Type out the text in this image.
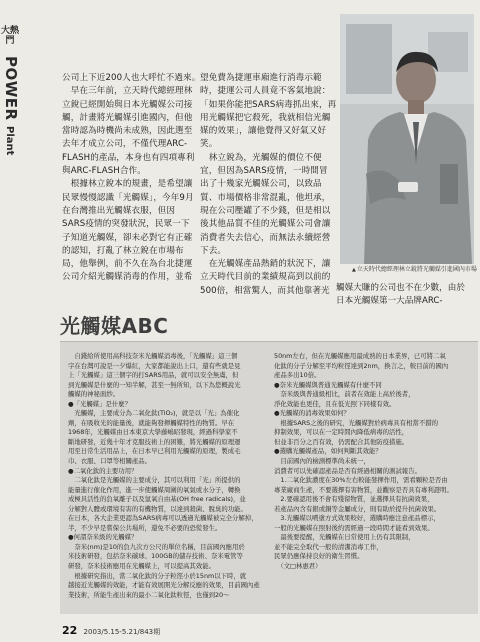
大熱門
POWER
Plant
公司上下近200人也大呼忙不過來。
　早在三年前，立天時代總經理林
立銳已經開始與日本光觸媒公司接
觸，計畫將光觸媒引進國內，但他
當時認為時機尚未成熟，因此選至
去年才成立公司，不僅代理ARC-
FLASH的產品，本身也有四項專利
與ARC-FLASH合作。
　根據林立銳本的規畫，是希望讓
民眾慢慢認識「光觸媒」，今年9月
在台灣推出光觸媒衣服，但因
SARS疫情的突發狀況，民眾一下
子知道光觸媒，卻未必對它有正確
的認知，打亂了林立銳在市場布
局，他舉例，前不久在為台北捷運
公司介紹光觸媒消毒的作用，並希
望免費為捷運車廂進行消毒示範
時，捷運公司人員竟不客氣地說：
「如果你能把SARS病毒抓出來，再
用光觸媒把它殺死，我就相信光觸
媒的效果」，讓他覺得又好氣又好
笑。
　林立銳為，光觸媒的價位不便
宜，但因為SARS疫情，一時間冒
出了十幾家光觸媒公司，以致品
質、市場價格非常混亂，他坦承，
現在公司壓罐了不少錢，但是相以
後其他品質不佳的光觸媒公司會讓
消費者失去信心，而無法永續經營
下去。
　在光觸媒產品熱銷的狀況下，讓
立天時代目前的業績規高到以前的
500倍，相當驚人，而其他靠著光
▲ 立天時代總經理林立銳將光觸媒引進國內市場
觸媒大賺的公司也不在少數，由於
日本光觸媒第一大品牌ARC-
光觸媒ABC
　自錢給所使用高科技奈米光觸媒消毒後，「光觸媒」這三個
字在台灣可說是一夕爆紅，大家都能說出上口，還有些就是見
上「光觸媒」這三個字的打SARS用品，就可以安全無虞，但
到光觸媒是什麼的一知半解，甚至一無所知，以下為您概說光
觸媒的神秘面紗。
●「光觸媒」是什麼？
　光觸媒，主要成分為二氧化鈦(TiO₂)，就是以「光」為催化
劑，在吸收光的能量後，就能夠發揮觸媒特性的物質。早在
1968年，光觸媒由日本東京大學藤嶋昭發現，經過科學家不
斷地研發，近幾十年才克服技術上的困難，將光觸媒的原理運
用至日常生活用品上，在日本早已利用光觸媒的原理，製成毛
巾、衣服、口罩等相關產品。
●二氧化鈦的主要功用？
　二氧化鈦是光觸媒的主要成分，其可以利用「光」所提供的
能量進行催化作用，進一步使觸媒周圍的氧氣或水分子，轉換
成極具活性的負氧離子以及氫氧自由基(OH free radicals)，並
分解對人體或環境有害的有機物質，以達到殺菌、脫臭的功能。
在日本，各大企業更認為SARS病毒可以透過光觸媒被完全分解掉，
半，不少早是嘗保公共場所，還免不必要的恐慌發生。
●何謂奈米級的光觸媒？
　奈米(nm)是10的負九次方公尺的單位名稱，目前國內應用於
米技術研發，包括奈米碳球、100GB的儲存技術、奈米電管等
研發，奈米技術應用在光觸媒上，可以提高其效能。
　根據研究指出，當二氧化鈦的分子粒徑小於15nm以下時，就
越接近光觸媒的效能，才能有效展開光分解反應的效果，目前國內產
業技術，所能生產出來的最小二氧化鈦粒徑，也僅到20～
50nm左右，但在光觸媒應用最成熟的日本業界，已可將二氧
化鈦的分子分解至平均粒徑達到2nm，換言之，較目前的國內
產品多出10倍。
●奈米光觸媒與普通光觸媒有什麼不同
　奈米級與普通級相比，前者在效能上高於後者，
淨化效能也更佳，且在低光照下同樣有效。
●光觸媒的消毒效果如何？
　根據SARS之後的研究，光觸媒對於病毒具有相當不錯的
抑制效果，可以在一定時間內降低病毒的活性，
但並非百分之百有效，仍需配合其他防疫措施。
●選購光觸媒產品，如何判斷其效能？
　目前國內的檢測標準尚未統一，
消費者可以先確認產品是否有經過相關的測試報告。
　1.二氧化鈦濃度在30%左右較能發揮作用，需看顆粒是否由
專業廠商生產，不要選擇有害物質，並觀察是否具有專利證明。
　2.要確認用後不會有殘留物質，並選擇具有抗菌效果，
若產品內含有銀或銅等金屬成分，則有助於提升抗菌效果。
　3.光觸媒以噴塗方式效果較好，選購時應注意產品標示，
一般的光觸媒在照射後約需經過一段時間才能看到效果。
　最後要提醒，光觸媒在日常使用上仍有其限制，
並不能完全取代一般的清潔消毒工作，
民眾仍應保持良好的衛生習慣。
　（文□林惠君）
22 2003/5.15-5.21/843期
